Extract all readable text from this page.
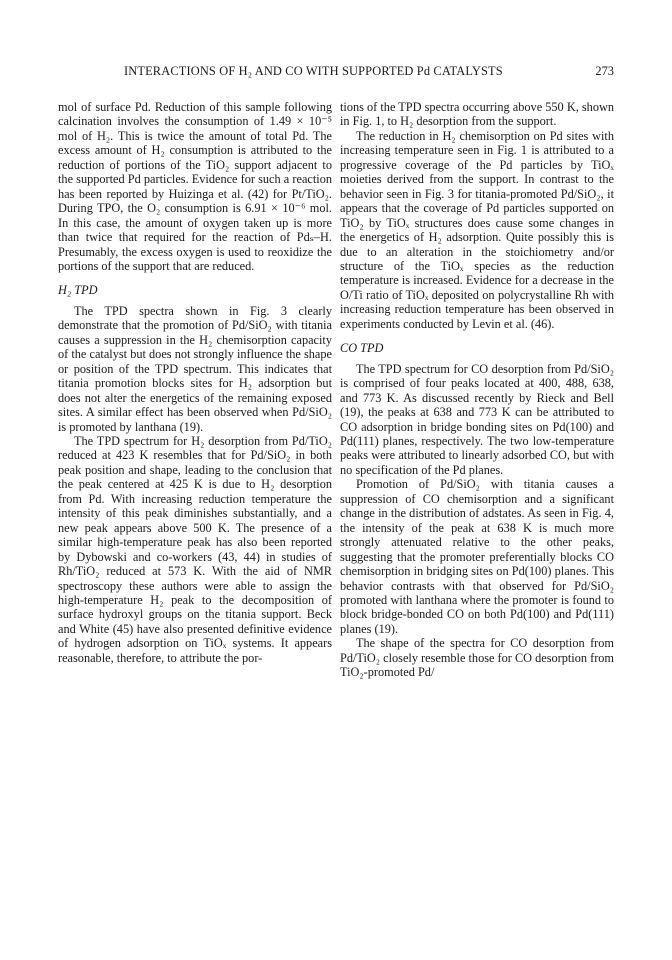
INTERACTIONS OF H₂ AND CO WITH SUPPORTED Pd CATALYSTS	273

mol of surface Pd. Reduction of this sample following calcination involves the consumption of 1.49 × 10⁻⁵ mol of H₂. This is twice the amount of total Pd. The excess amount of H₂ consumption is attributed to the reduction of portions of the TiO₂ support adjacent to the supported Pd particles. Evidence for such a reaction has been reported by Huizinga et al. (42) for Pt/TiO₂. During TPO, the O₂ consumption is 6.91 × 10⁻⁶ mol. In this case, the amount of oxygen taken up is more than twice that required for the reaction of Pdₛ–H. Presumably, the excess oxygen is used to reoxidize the portions of the support that are reduced.

H₂ TPD

The TPD spectra shown in Fig. 3 clearly demonstrate that the promotion of Pd/SiO₂ with titania causes a suppression in the H₂ chemisorption capacity of the catalyst but does not strongly influence the shape or position of the TPD spectrum. This indicates that titania promotion blocks sites for H₂ adsorption but does not alter the energetics of the remaining exposed sites. A similar effect has been observed when Pd/SiO₂ is promoted by lanthana (19).

The TPD spectrum for H₂ desorption from Pd/TiO₂ reduced at 423 K resembles that for Pd/SiO₂ in both peak position and shape, leading to the conclusion that the peak centered at 425 K is due to H₂ desorption from Pd. With increasing reduction temperature the intensity of this peak diminishes substantially, and a new peak appears above 500 K. The presence of a similar high-temperature peak has also been reported by Dybowski and co-workers (43, 44) in studies of Rh/TiO₂ reduced at 573 K. With the aid of NMR spectroscopy these authors were able to assign the high-temperature H₂ peak to the decomposition of surface hydroxyl groups on the titania support. Beck and White (45) have also presented definitive evidence of hydrogen adsorption on TiOₓ systems. It appears reasonable, therefore, to attribute the por-

tions of the TPD spectra occurring above 550 K, shown in Fig. 1, to H₂ desorption from the support.

The reduction in H₂ chemisorption on Pd sites with increasing temperature seen in Fig. 1 is attributed to a progressive coverage of the Pd particles by TiOₓ moieties derived from the support. In contrast to the behavior seen in Fig. 3 for titania-promoted Pd/SiO₂, it appears that the coverage of Pd particles supported on TiO₂ by TiOₓ structures does cause some changes in the energetics of H₂ adsorption. Quite possibly this is due to an alteration in the stoichiometry and/or structure of the TiOₓ species as the reduction temperature is increased. Evidence for a decrease in the O/Ti ratio of TiOₓ deposited on polycrystalline Rh with increasing reduction temperature has been observed in experiments conducted by Levin et al. (46).

CO TPD

The TPD spectrum for CO desorption from Pd/SiO₂ is comprised of four peaks located at 400, 488, 638, and 773 K. As discussed recently by Rieck and Bell (19), the peaks at 638 and 773 K can be attributed to CO adsorption in bridge bonding sites on Pd(100) and Pd(111) planes, respectively. The two low-temperature peaks were attributed to linearly adsorbed CO, but with no specification of the Pd planes.

Promotion of Pd/SiO₂ with titania causes a suppression of CO chemisorption and a significant change in the distribution of adstates. As seen in Fig. 4, the intensity of the peak at 638 K is much more strongly attenuated relative to the other peaks, suggesting that the promoter preferentially blocks CO chemisorption in bridging sites on Pd(100) planes. This behavior contrasts with that observed for Pd/SiO₂ promoted with lanthana where the promoter is found to block bridge-bonded CO on both Pd(100) and Pd(111) planes (19).

The shape of the spectra for CO desorption from Pd/TiO₂ closely resemble those for CO desorption from TiO₂-promoted Pd/
